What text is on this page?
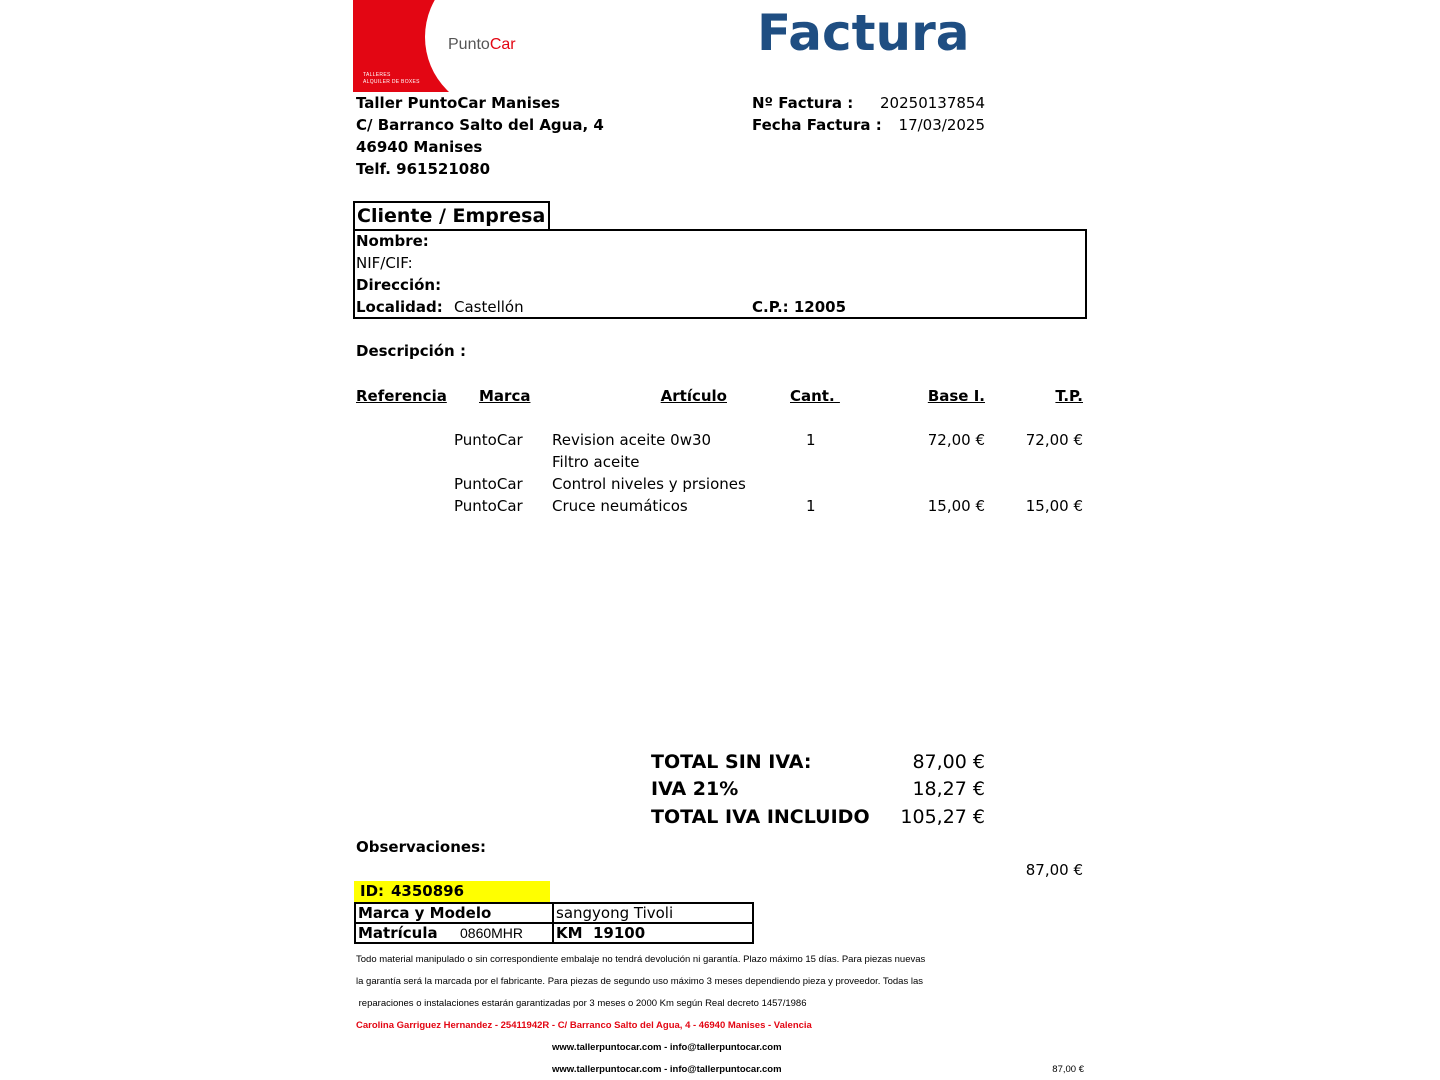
PuntoCar
TALLERES
ALQUILER DE BOXES
Factura
Taller PuntoCar Manises
C/ Barranco Salto del Agua, 4
46940 Manises
Telf. 961521080
Nº Factura :	20250137854
Fecha Factura :	17/03/2025
Cliente / Empresa
Nombre:
NIF/CIF:
Dirección:
Localidad: Castellón	C.P.: 12005
Descripción :
Referencia Marca	Artículo	Cant.	Base I.	T.P.
PuntoCar Revision aceite 0w30	1	72,00 €	72,00 €
Filtro aceite
PuntoCar Control niveles y prsiones
PuntoCar Cruce neumáticos	1	15,00 €	15,00 €
TOTAL SIN IVA:	87,00 €
IVA 21%	18,27 €
TOTAL IVA INCLUIDO	105,27 €
Observaciones:
87,00 €
ID: 4350896
Marca y Modelo	sangyong Tivoli
Matrícula 0860MHR	KM  19100
Todo material manipulado o sin correspondiente embalaje no tendrá devolución ni garantía. Plazo máximo 15 días. Para piezas nuevas
la garantía será la marcada por el fabricante. Para piezas de segundo uso máximo 3 meses dependiendo pieza y proveedor. Todas las
reparaciones o instalaciones estarán garantizadas por 3 meses o 2000 Km según Real decreto 1457/1986
Carolina Garriguez Hernandez - 25411942R - C/ Barranco Salto del Agua, 4 - 46940 Manises - Valencia
www.tallerpuntocar.com - info@tallerpuntocar.com
www.tallerpuntocar.com - info@tallerpuntocar.com	87,00 €
